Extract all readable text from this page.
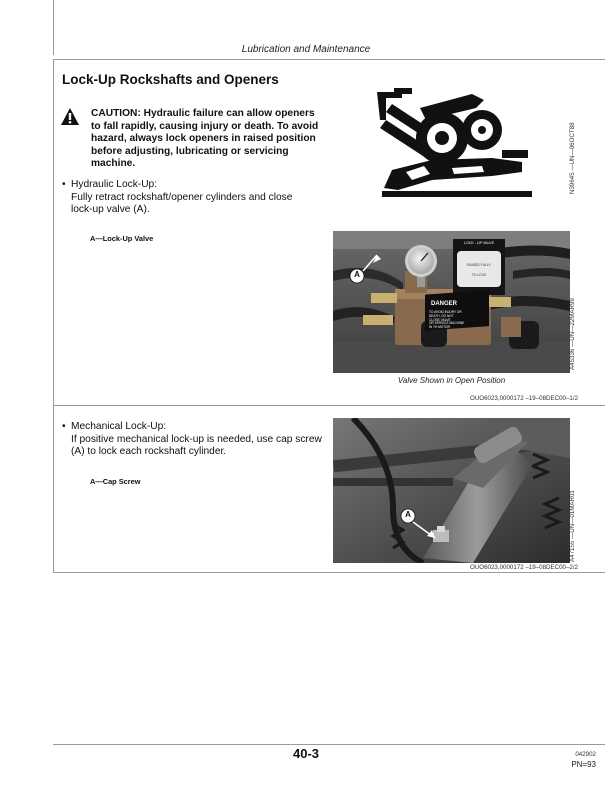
Lubrication and Maintenance
Lock-Up Rockshafts and Openers
CAUTION: Hydraulic failure can allow openers
to fall rapidly, causing injury or death. To avoid
hazard, always lock openers in raised position
before adjusting, lubricating or servicing
machine.
• Hydraulic Lock-Up:
Fully retract rockshaft/opener cylinders and close
lock-up valve (A).
A—Lock-Up Valve
N39645 —UN—06OCT88
LOCK - UP VALVE
RAISED FULLY
TO LOCK
DANGER
TO AVOID INJURY OR
DEATH, DO NOT
CLOSE VALVE
OR SERVICE MACHINE
IN TH MOTOR
A
A45336 —UN—22MAR99
Valve Shown in Open Position
OUO6023,0000172 –19–08DEC00–1/2
• Mechanical Lock-Up:
If positive mechanical lock-up is needed, use cap screw
(A) to lock each rockshaft cylinder.
A—Cap Screw
A	A47155 —UN—01MAR01
OUO6023,0000172 –19–08DEC00–2/2
40-3	042902
PN=93
